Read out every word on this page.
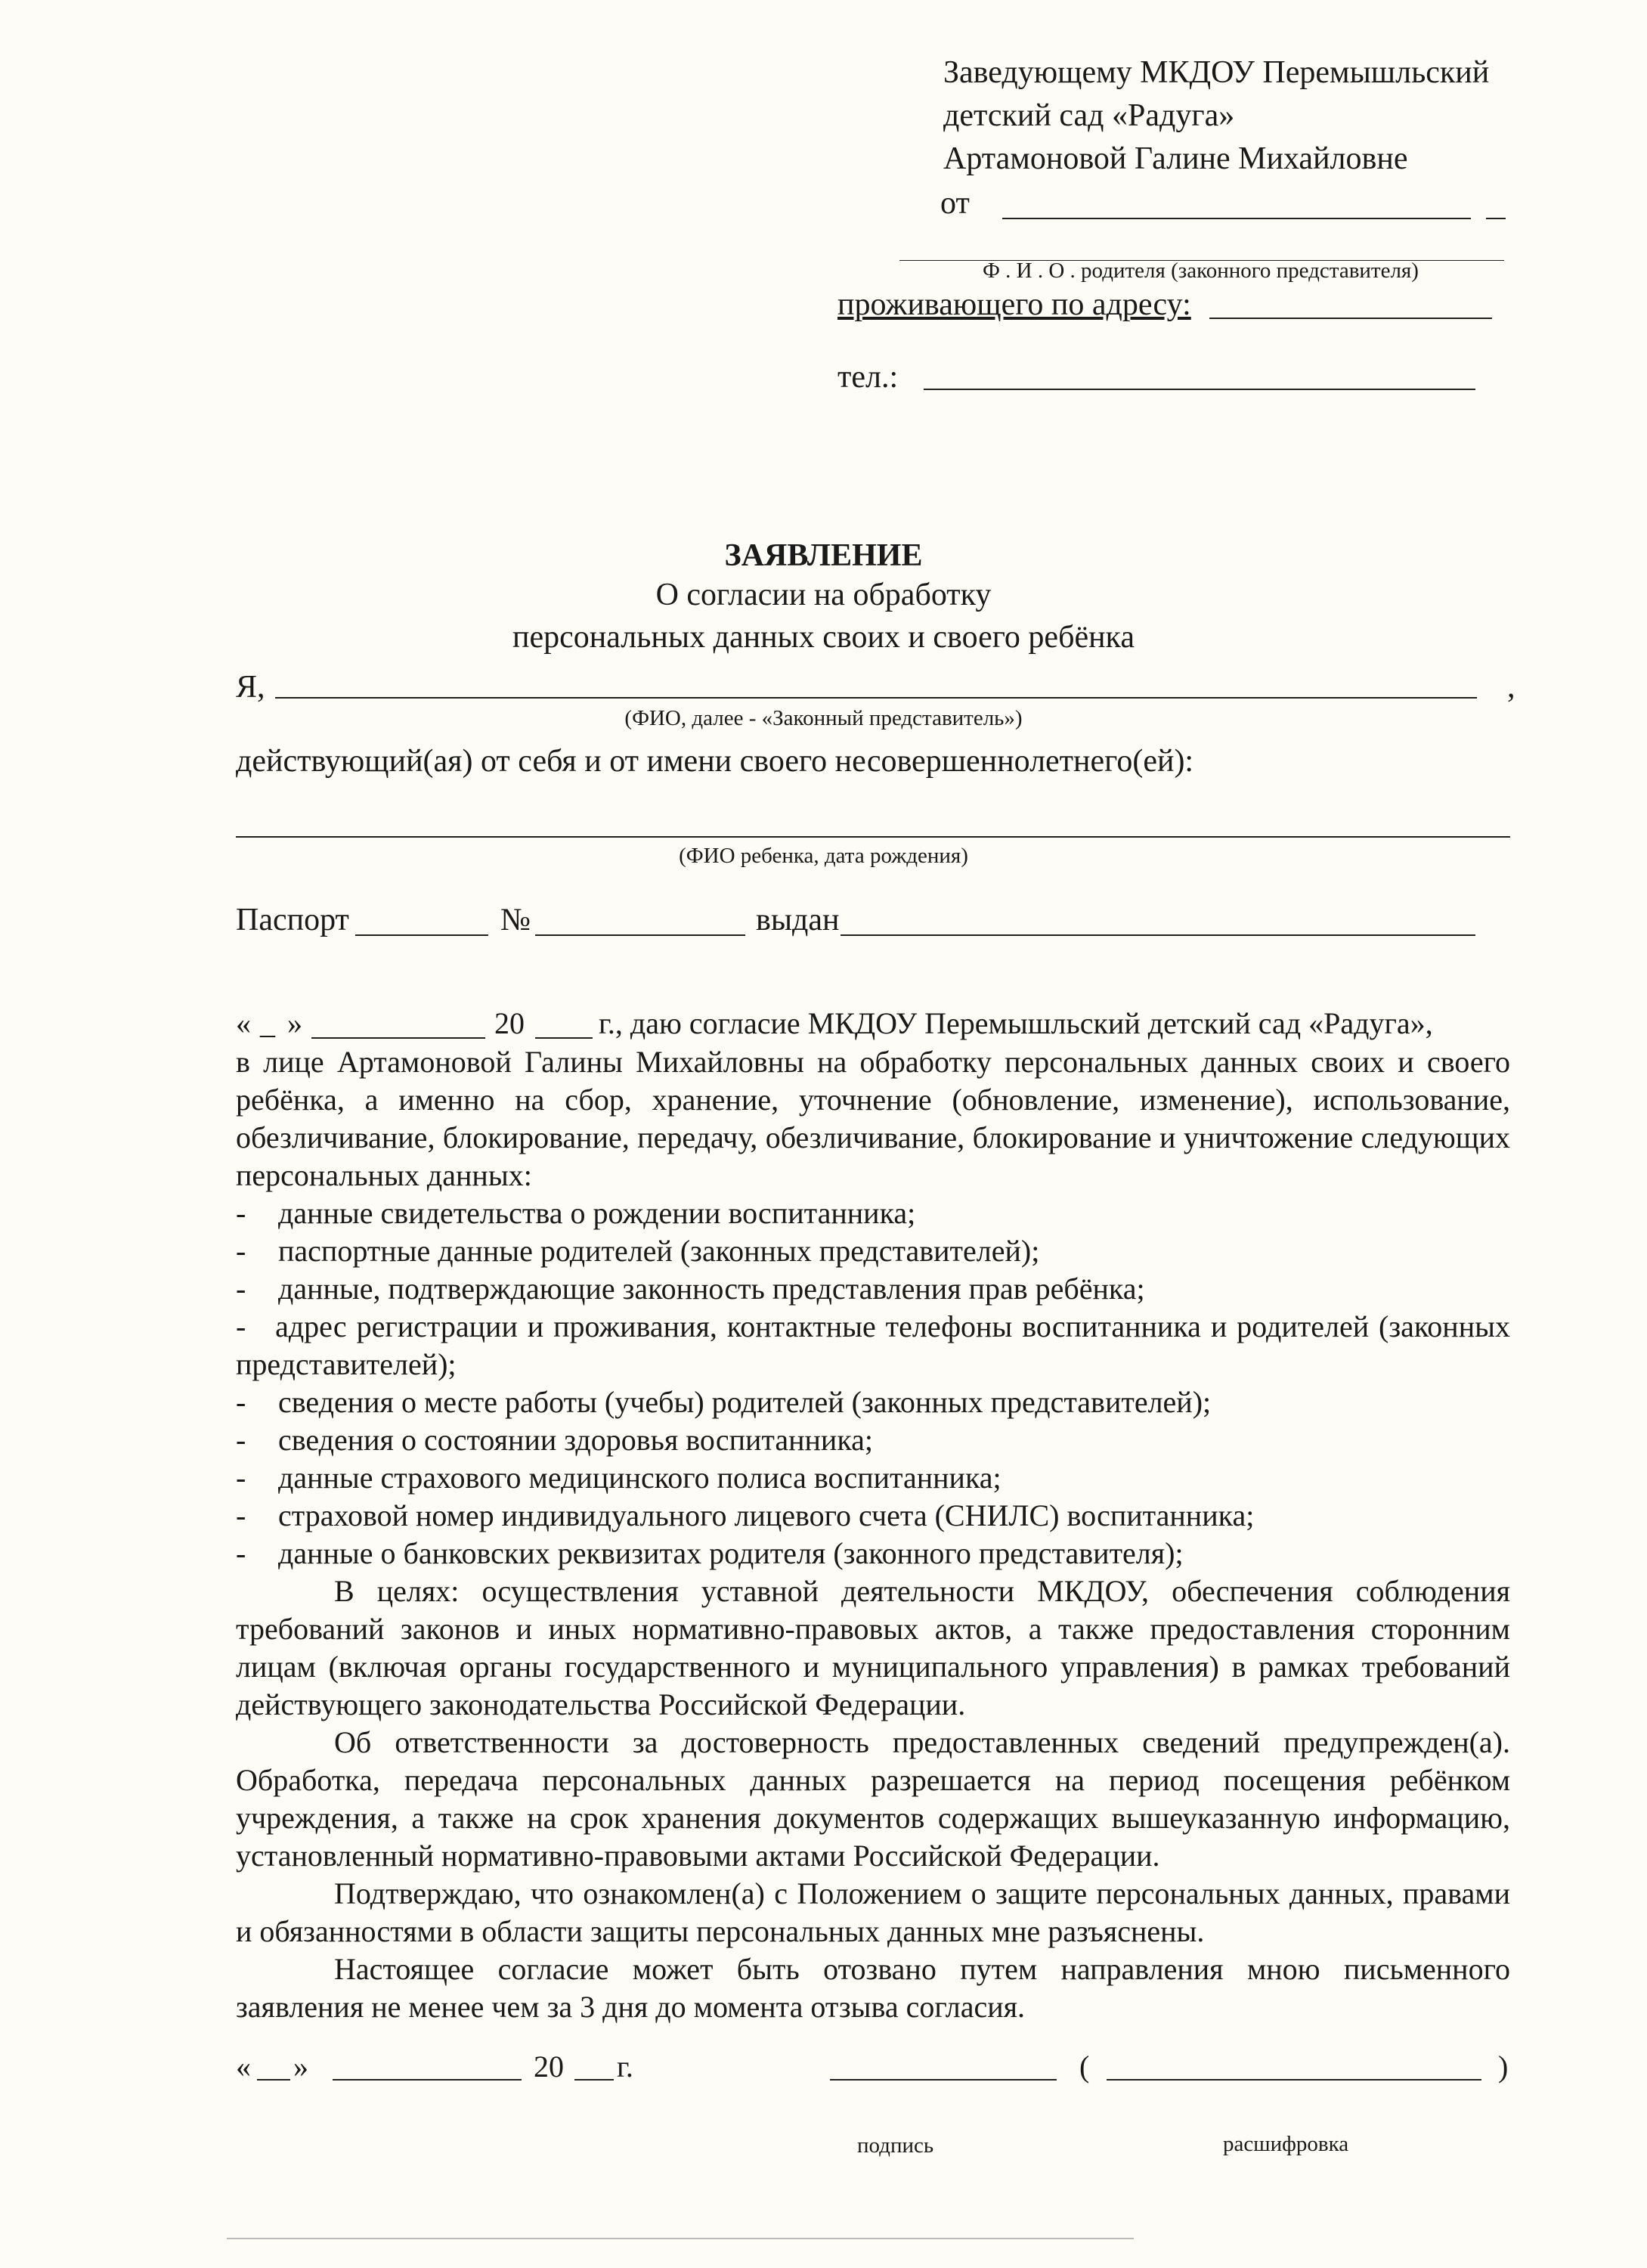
Заведующему МКДОУ Перемышльский
детский сад «Радуга»
Артамоновой Галине Михайловне
от
Ф . И . О . родителя (законного представителя)
проживающего по адресу:
тел.:
ЗАЯВЛЕНИЕ
О согласии на обработку
персональных данных своих и своего ребёнка
Я,	,
(ФИО, далее - «Законный представитель»)
действующий(ая) от себя и от имени своего несовершеннолетнего(ей):
(ФИО ребенка, дата рождения)
Паспорт	№	выдан
« _ »	20 г., даю согласие МКДОУ Перемышльский детский сад «Радуга»,
в лице Артамоновой Галины Михайловны на обработку персональных данных своих и своего ребёнка, а именно на сбор, хранение, уточнение (обновление, изменение), использование, обезличивание, блокирование, передачу, обезличивание, блокирование и уничтожение следующих персональных данных:
-	данные свидетельства о рождении воспитанника;
-	паспортные данные родителей (законных представителей);
-	данные, подтверждающие законность представления прав ребёнка;
- адрес регистрации и проживания, контактные телефоны воспитанника и родителей (законных представителей);
-	сведения о месте работы (учебы) родителей (законных представителей);
-	сведения о состоянии здоровья воспитанника;
-	данные страхового медицинского полиса воспитанника;
-	страховой номер индивидуального лицевого счета (СНИЛС) воспитанника;
-	данные о банковских реквизитах родителя (законного представителя);
В целях: осуществления уставной деятельности МКДОУ, обеспечения соблюдения требований законов и иных нормативно-правовых актов, а также предоставления сторонним лицам (включая органы государственного и муниципального управления) в рамках требований действующего законодательства Российской Федерации.
Об ответственности за достоверность предоставленных сведений предупрежден(а). Обработка, передача персональных данных разрешается на период посещения ребёнком учреждения, а также на срок хранения документов содержащих вышеуказанную информацию, установленный нормативно-правовыми актами Российской Федерации.
Подтверждаю, что ознакомлен(а) с Положением о защите персональных данных, правами и обязанностями в области защиты персональных данных мне разъяснены.
Настоящее согласие может быть отозвано путем направления мною письменного заявления не менее чем за 3 дня до момента отзыва согласия.
« »	20 г.	(	)
подпись	расшифровка
